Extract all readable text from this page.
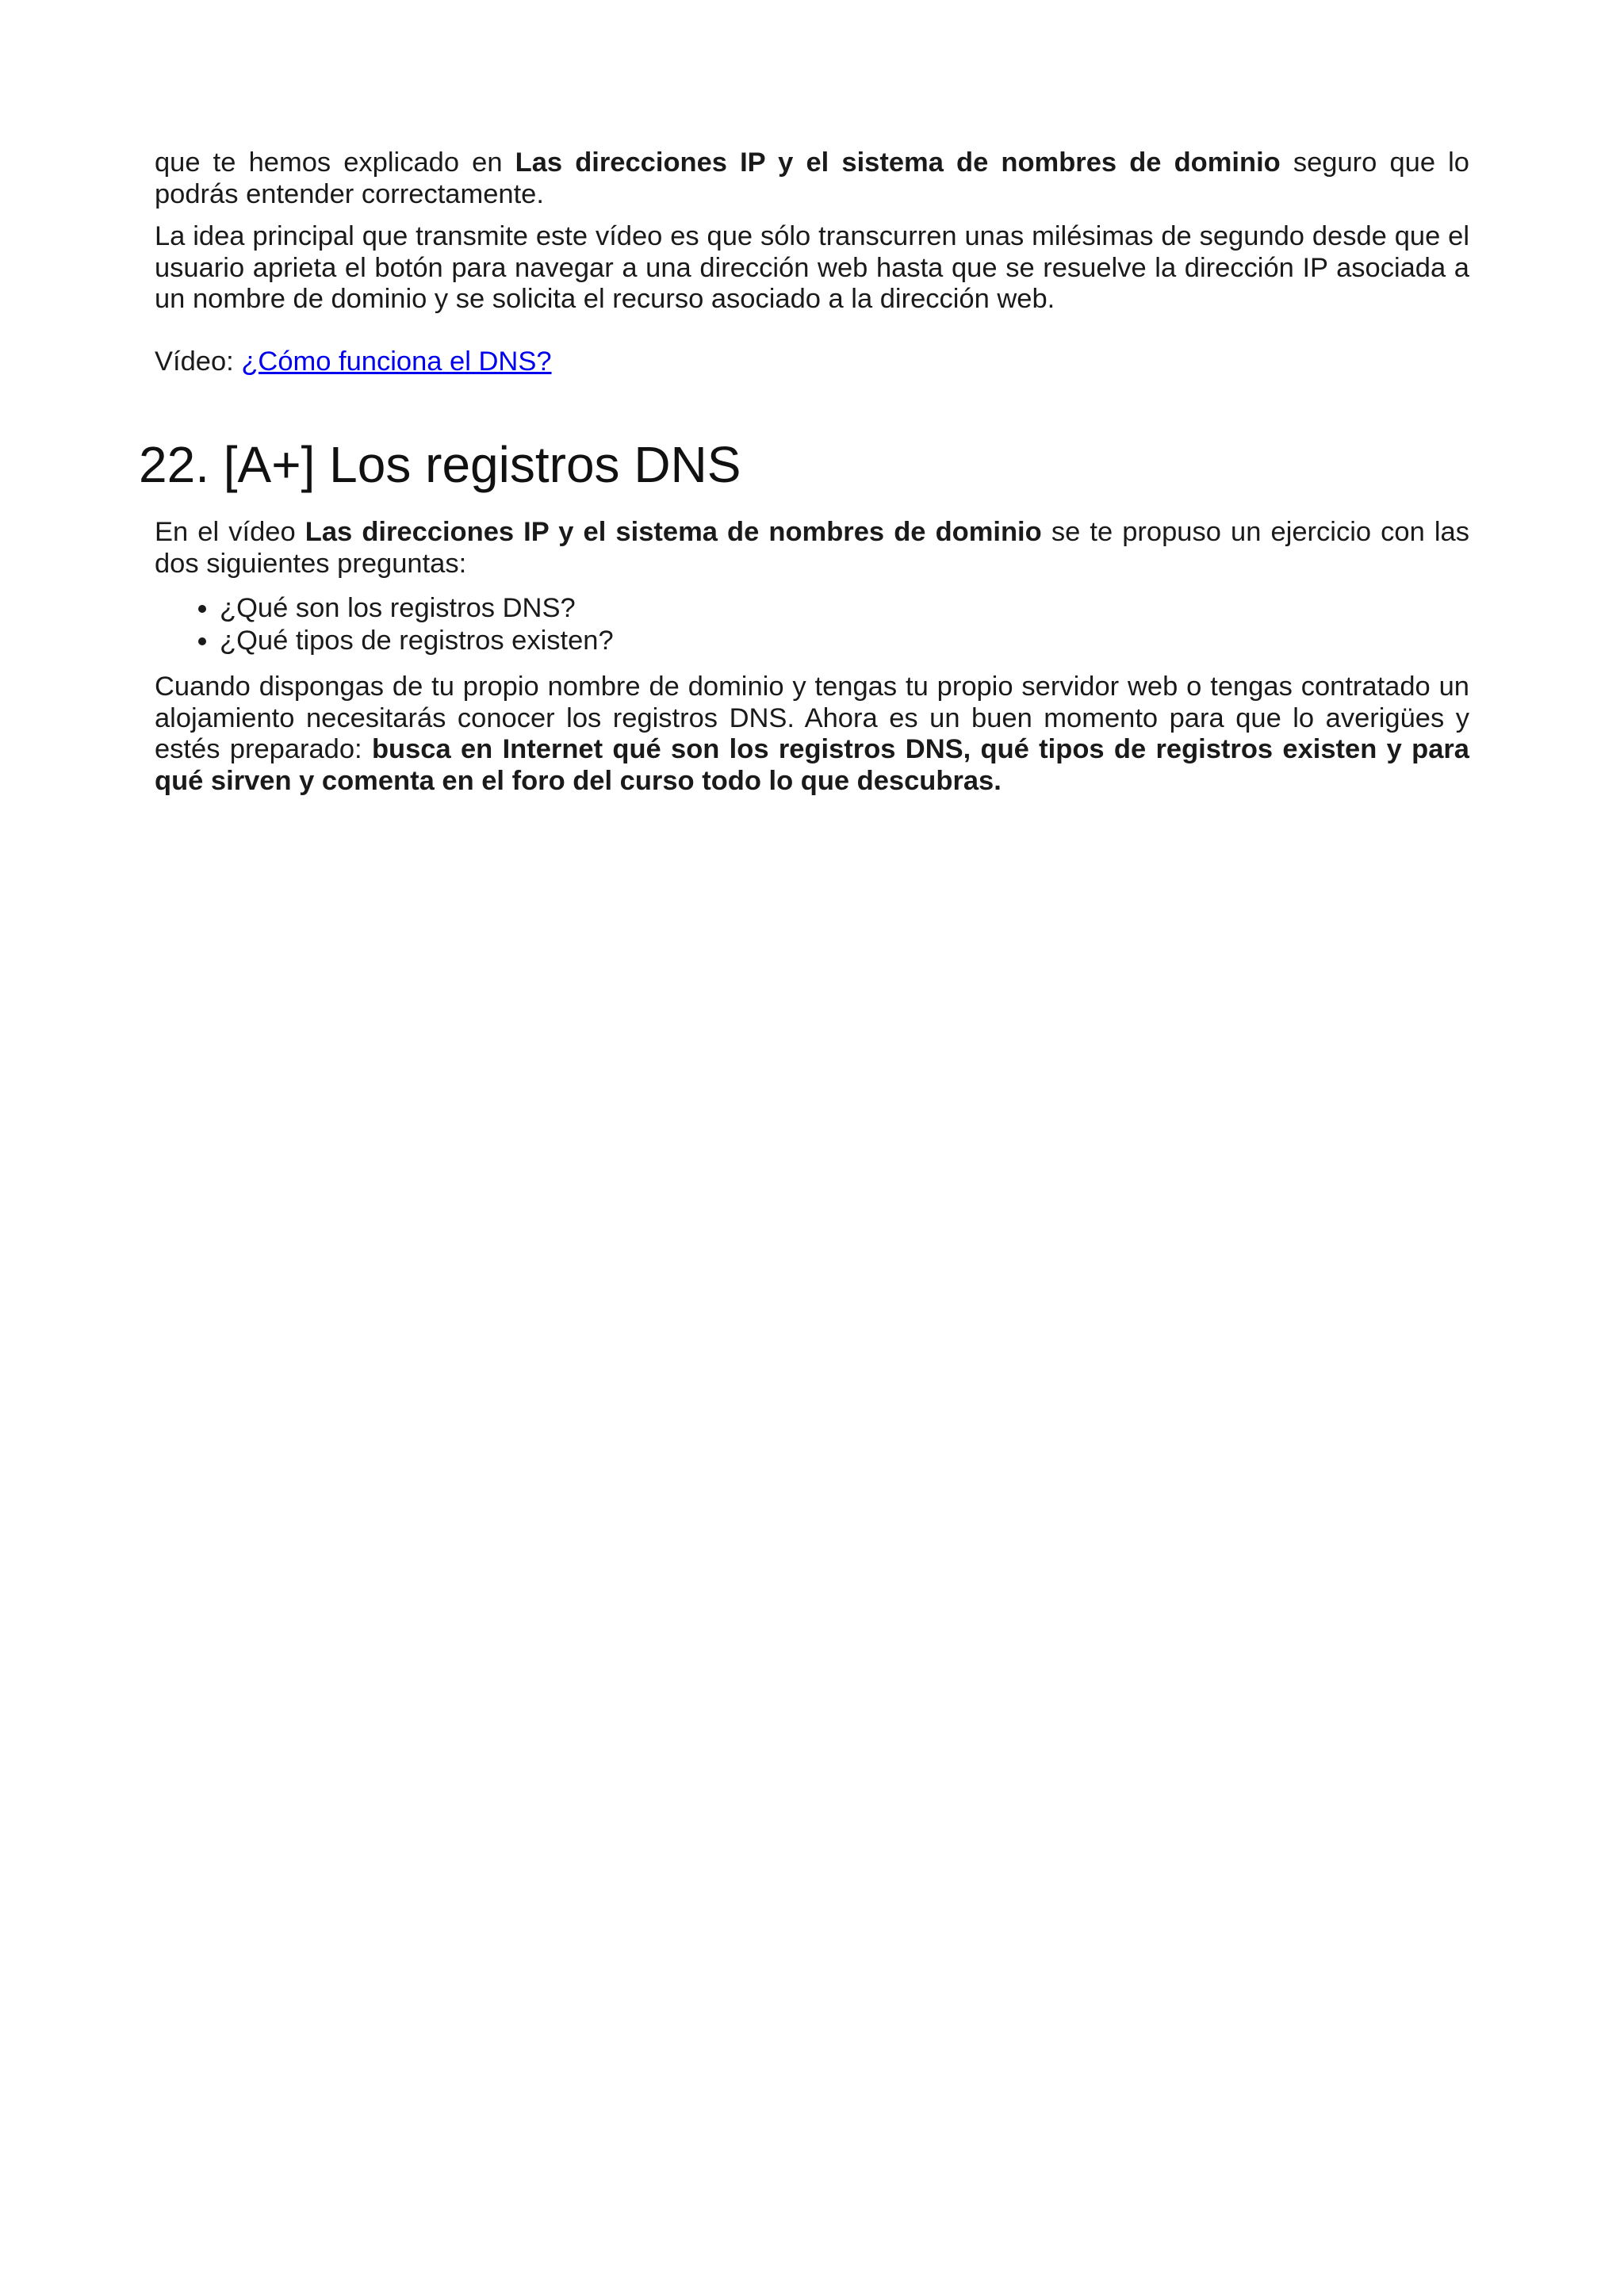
que te hemos explicado en Las direcciones IP y el sistema de nombres de dominio seguro que lo podrás entender correctamente.

La idea principal que transmite este vídeo es que sólo transcurren unas milésimas de segundo desde que el usuario aprieta el botón para navegar a una dirección web hasta que se resuelve la dirección IP asociada a un nombre de dominio y se solicita el recurso asociado a la dirección web.

Vídeo: ¿Cómo funciona el DNS?

22. [A+] Los registros DNS

En el vídeo Las direcciones IP y el sistema de nombres de dominio se te propuso un ejercicio con las dos siguientes preguntas:

• ¿Qué son los registros DNS?
• ¿Qué tipos de registros existen?

Cuando dispongas de tu propio nombre de dominio y tengas tu propio servidor web o tengas contratado un alojamiento necesitarás conocer los registros DNS. Ahora es un buen momento para que lo averigües y estés preparado: busca en Internet qué son los registros DNS, qué tipos de registros existen y para qué sirven y comenta en el foro del curso todo lo que descubras.
